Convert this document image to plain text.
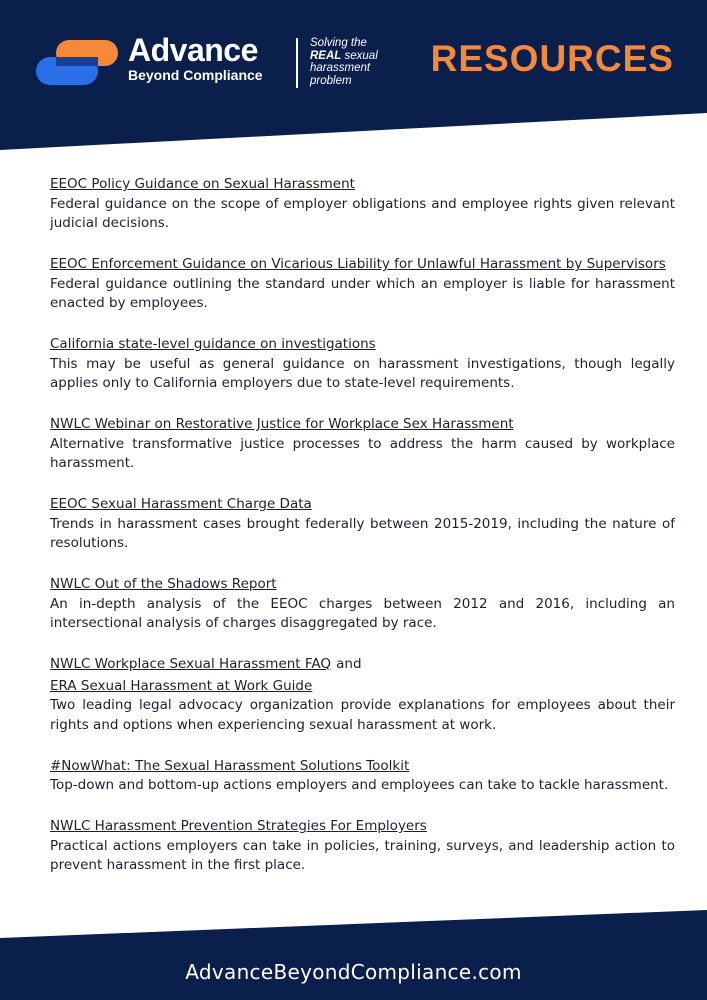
Advance
Beyond Compliance
Solving the
REAL sexual
harassment
problem
RESOURCES
EEOC Policy Guidance on Sexual Harassment
Federal guidance on the scope of employer obligations and employee rights given relevant judicial decisions.
EEOC Enforcement Guidance on Vicarious Liability for Unlawful Harassment by Supervisors
Federal guidance outlining the standard under which an employer is liable for harassment enacted by employees.
California state-level guidance on investigations
This may be useful as general guidance on harassment investigations, though legally applies only to California employers due to state-level requirements.
NWLC Webinar on Restorative Justice for Workplace Sex Harassment
Alternative transformative justice processes to address the harm caused by workplace harassment.
EEOC Sexual Harassment Charge Data
Trends in harassment cases brought federally between 2015-2019, including the nature of resolutions.
NWLC Out of the Shadows Report
An in-depth analysis of the EEOC charges between 2012 and 2016, including an intersectional analysis of charges disaggregated by race.
NWLC Workplace Sexual Harassment FAQ and
ERA Sexual Harassment at Work Guide
Two leading legal advocacy organization provide explanations for employees about their rights and options when experiencing sexual harassment at work.
#NowWhat: The Sexual Harassment Solutions Toolkit
Top-down and bottom-up actions employers and employees can take to tackle harassment.
NWLC Harassment Prevention Strategies For Employers
Practical actions employers can take in policies, training, surveys, and leadership action to prevent harassment in the first place.
AdvanceBeyondCompliance.com
